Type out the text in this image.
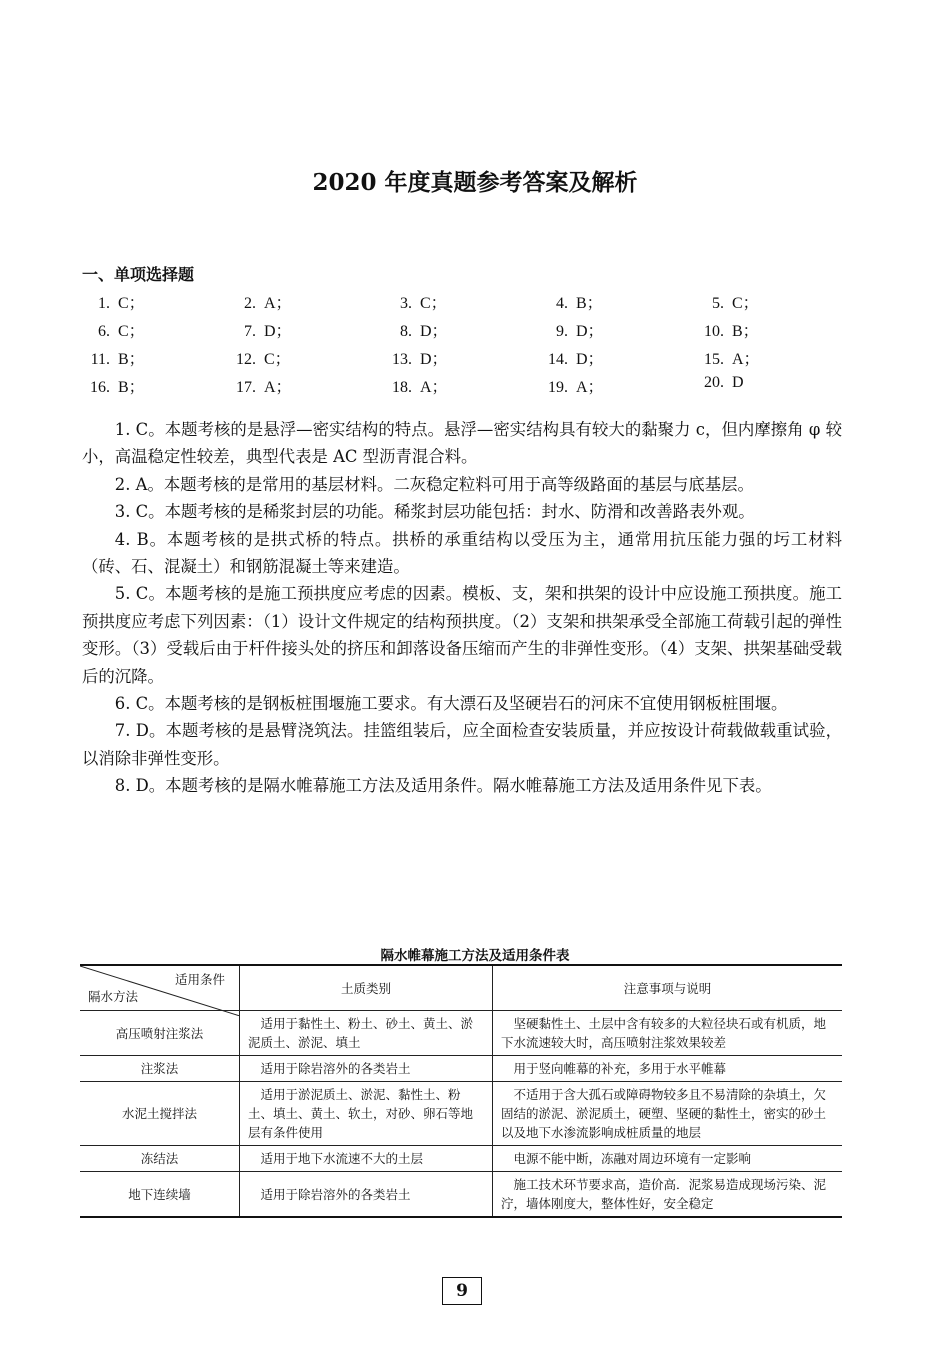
2020 年度真题参考答案及解析
一、单项选择题
1. C；	2. A；	3. C；	4. B；	5. C；
6. C；	7. D；	8. D；	9. D；	10. B；
11. B；	12. C；	13. D；	14. D；	15. A；
16. B；	17. A；	18. A；	19. A；	20. D

1. C。本题考核的是悬浮—密实结构的特点。悬浮—密实结构具有较大的黏聚力 c，但内摩擦角 φ 较小，高温稳定性较差，典型代表是 AC 型沥青混合料。

2. A。本题考核的是常用的基层材料。二灰稳定粒料可用于高等级路面的基层与底基层。

3. C。本题考核的是稀浆封层的功能。稀浆封层功能包括：封水、防滑和改善路表外观。

4. B。本题考核的是拱式桥的特点。拱桥的承重结构以受压为主，通常用抗压能力强的圬工材料（砖、石、混凝土）和钢筋混凝土等来建造。

5. C。本题考核的是施工预拱度应考虑的因素。模板、支，架和拱架的设计中应设施工预拱度。施工预拱度应考虑下列因素：（1）设计文件规定的结构预拱度。（2）支架和拱架承受全部施工荷载引起的弹性变形。（3）受载后由于杆件接头处的挤压和卸落设备压缩而产生的非弹性变形。（4）支架、拱架基础受载后的沉降。

6. C。本题考核的是钢板桩围堰施工要求。有大漂石及坚硬岩石的河床不宜使用钢板桩围堰。

7. D。本题考核的是悬臂浇筑法。挂篮组装后，应全面检查安装质量，并应按设计荷载做载重试验，以消除非弹性变形。

8. D。本题考核的是隔水帷幕施工方法及适用条件。隔水帷幕施工方法及适用条件见下表。

隔水帷幕施工方法及适用条件表
适用条件
隔水方法	土质类别	注意事项与说明
高压喷射注浆法	适用于黏性土、粉土、砂土、黄土、淤泥质土、淤泥、填土	坚硬黏性土、土层中含有较多的大粒径块石或有机质，地下水流速较大时，高压喷射注浆效果较差
注浆法	适用于除岩溶外的各类岩土	用于竖向帷幕的补充，多用于水平帷幕
水泥土搅拌法	适用于淤泥质土、淤泥、黏性土、粉土、填土、黄土、软土，对砂、卵石等地层有条件使用	不适用于含大孤石或障碍物较多且不易清除的杂填土，欠固结的淤泥、淤泥质土，硬塑、坚硬的黏性土，密实的砂土以及地下水渗流影响成桩质量的地层
冻结法	适用于地下水流速不大的土层	电源不能中断，冻融对周边环境有一定影响
地下连续墙	适用于除岩溶外的各类岩土	施工技术环节要求高，造价高．泥浆易造成现场污染、泥泞，墙体刚度大，整体性好，安全稳定
9
